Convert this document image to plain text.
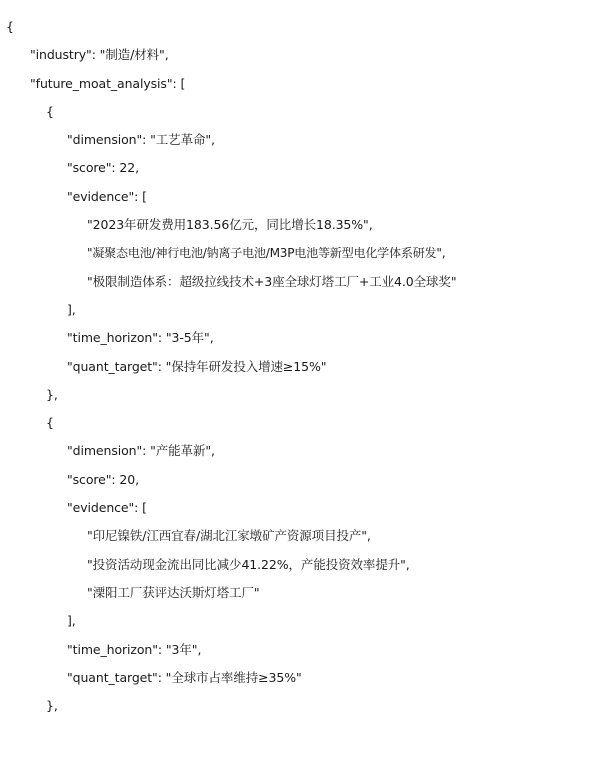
{
"industry": "制造/材料",
"future_moat_analysis": [
{
"dimension": "工艺革命",
"score": 22,
"evidence": [
"2023年研发费用183.56亿元，同比增长18.35%",
"凝聚态电池/神行电池/钠离子电池/M3P电池等新型电化学体系研发",
"极限制造体系：超级拉线技术+3座全球灯塔工厂+工业4.0全球奖"
],
"time_horizon": "3-5年",
"quant_target": "保持年研发投入增速≥15%"
},
{
"dimension": "产能革新",
"score": 20,
"evidence": [
"印尼镍铁/江西宜春/湖北江家墩矿产资源项目投产",
"投资活动现金流出同比减少41.22%，产能投资效率提升",
"溧阳工厂获评达沃斯灯塔工厂"
],
"time_horizon": "3年",
"quant_target": "全球市占率维持≥35%"
},
